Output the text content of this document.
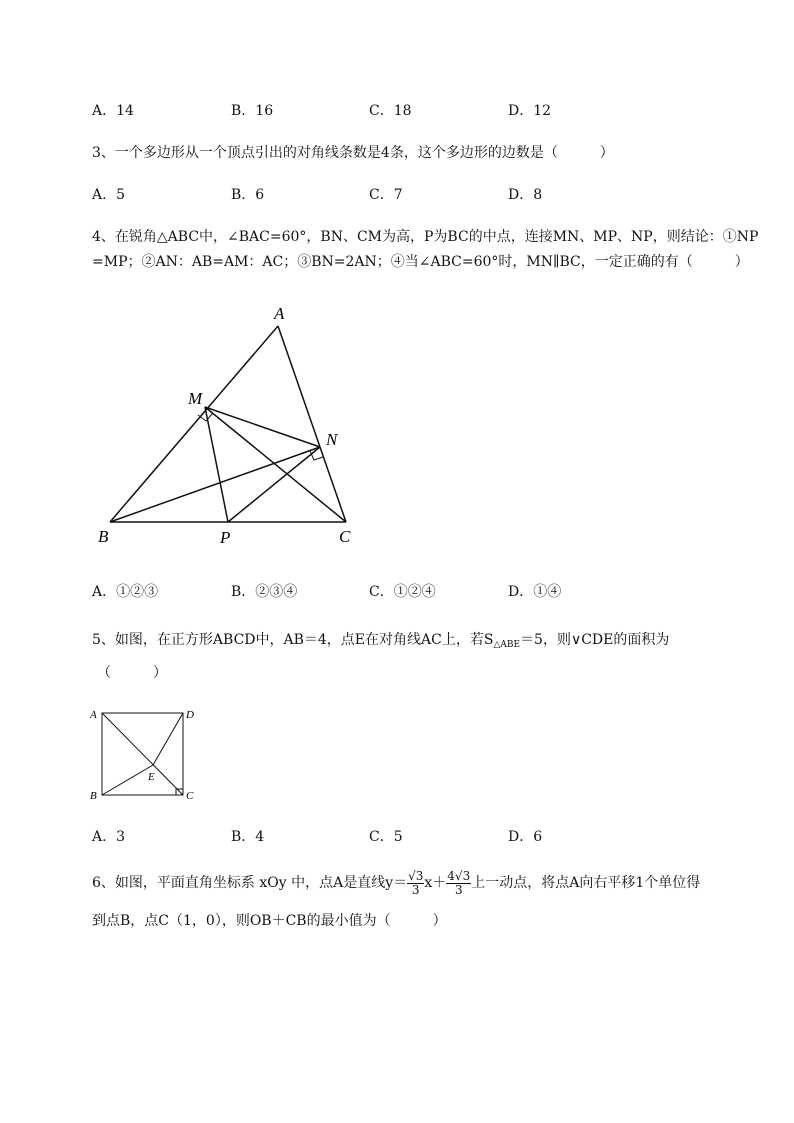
A．14	B．16	C．18	D．12
3、一个多边形从一个顶点引出的对角线条数是4条，这个多边形的边数是（　　　）
A．5	B．6	C．7	D．8
4、在锐角△ABC中，∠BAC=60°，BN、CM为高，P为BC的中点，连接MN、MP、NP，则结论：①NP
=MP；②AN：AB=AM：AC；③BN=2AN；④当∠ABC=60°时，MN∥BC，一定正确的有（　　　）
A
M
N
B	P	C
A．①②③	B．②③④	C．①②④	D．①④
5、如图，在正方形ABCD中，AB＝4，点E在对角线AC上，若$S_{\triangle ABE}=5$，则∨CDE的面积为
（　　　）
A	D
B	C
E
A．3	B．4	C．5	D．6
6、如图，平面直角坐标系 xOy 中，点A是直线$y= \frac{√3}{3} x+ \frac{4√3}{3}$ 上一动点，将点A向右平移1个单位得
到点B，点C（1，0），则OB＋CB的最小值为（　　　）
